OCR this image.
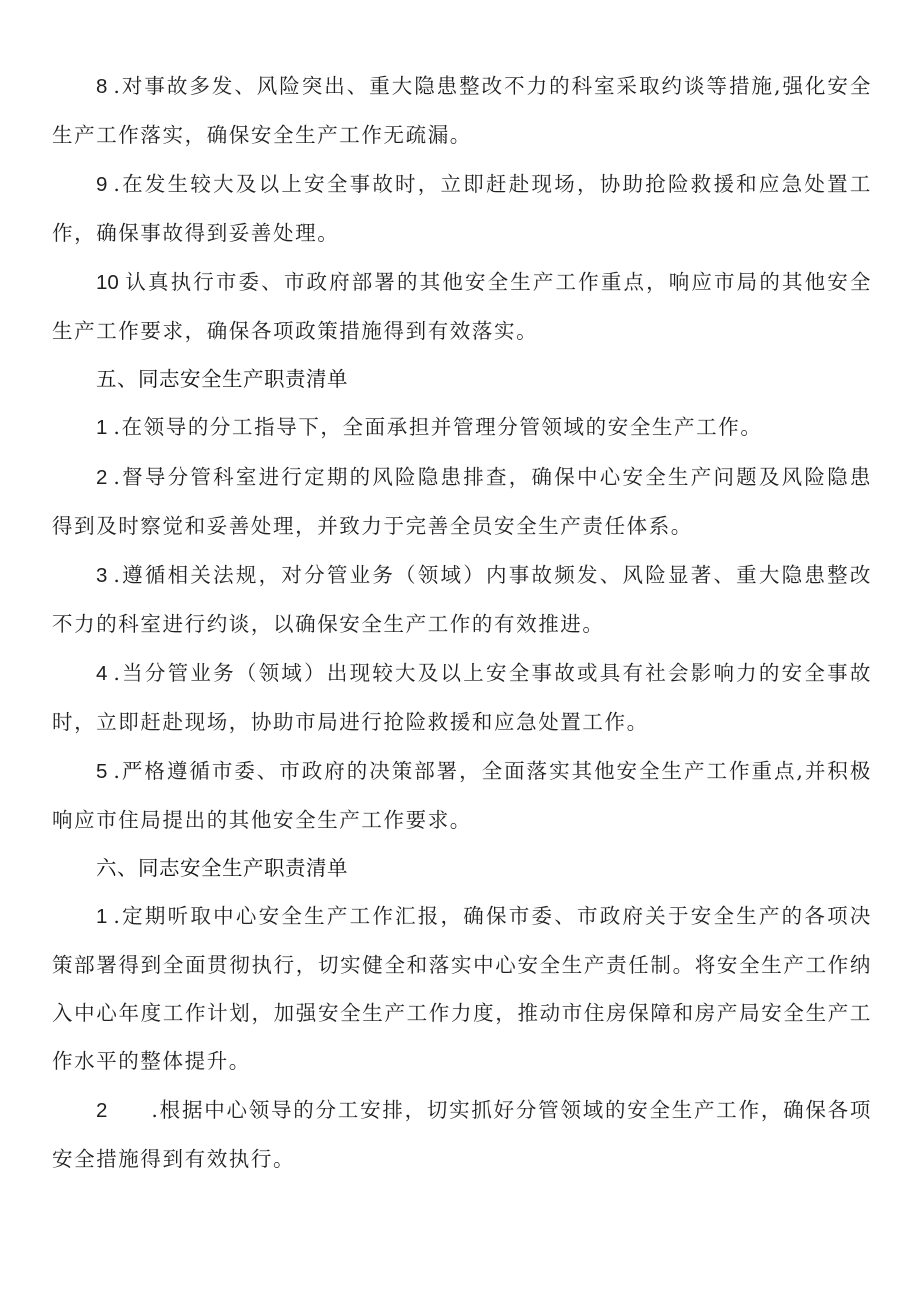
8 .对事故多发、风险突出、重大隐患整改不力的科室采取约谈等措施,强化安全生产工作落实，确保安全生产工作无疏漏。

9 .在发生较大及以上安全事故时，立即赶赴现场，协助抢险救援和应急处置工作，确保事故得到妥善处理。

10 认真执行市委、市政府部署的其他安全生产工作重点，响应市局的其他安全生产工作要求，确保各项政策措施得到有效落实。

五、同志安全生产职责清单

1 .在领导的分工指导下，全面承担并管理分管领域的安全生产工作。

2 .督导分管科室进行定期的风险隐患排查，确保中心安全生产问题及风险隐患得到及时察觉和妥善处理，并致力于完善全员安全生产责任体系。

3 .遵循相关法规，对分管业务（领域）内事故频发、风险显著、重大隐患整改不力的科室进行约谈，以确保安全生产工作的有效推进。

4 .当分管业务（领域）出现较大及以上安全事故或具有社会影响力的安全事故时，立即赶赴现场，协助市局进行抢险救援和应急处置工作。

5 .严格遵循市委、市政府的决策部署，全面落实其他安全生产工作重点,并积极响应市住局提出的其他安全生产工作要求。

六、同志安全生产职责清单

1 .定期听取中心安全生产工作汇报，确保市委、市政府关于安全生产的各项决策部署得到全面贯彻执行，切实健全和落实中心安全生产责任制。将安全生产工作纳入中心年度工作计划，加强安全生产工作力度，推动市住房保障和房产局安全生产工作水平的整体提升。

2 .根据中心领导的分工安排，切实抓好分管领域的安全生产工作，确保各项安全措施得到有效执行。
